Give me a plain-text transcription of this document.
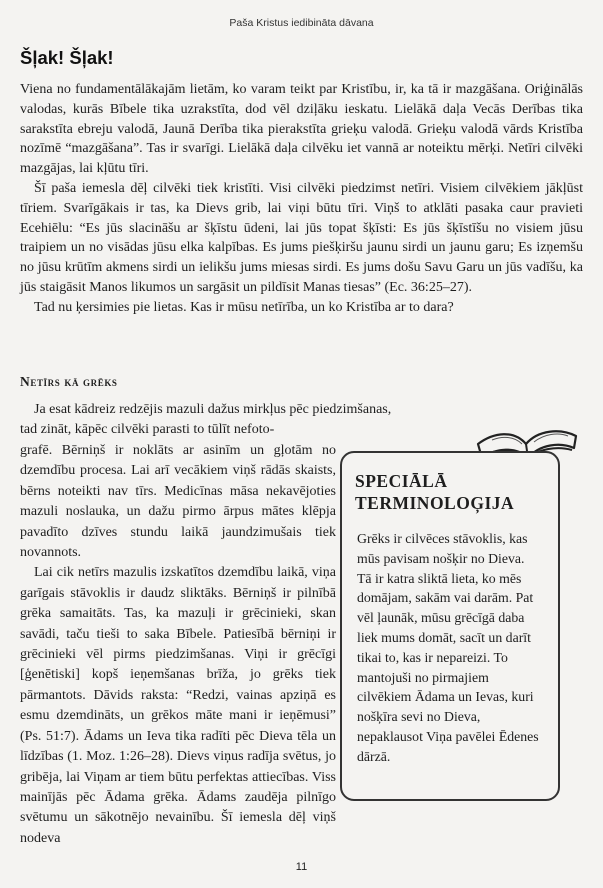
Paša Kristus iedibināta dāvana
Šļak! Šļak!

Viena no fundamentālākajām lietām, ko varam teikt par Kristību, ir, ka tā ir mazgāšana. Oriģinālās valodas, kurās Bībele tika uzrakstīta, dod vēl dziļāku ieskatu. Lielākā daļa Vecās Derības tika sarakstīta ebreju valodā, Jaunā Derība tika pierakstīta grieķu valodā. Grieķu valodā vārds Kristība nozīmē “mazgāšana”. Tas ir svarīgi. Lielākā daļa cilvēku iet vannā ar noteiktu mērķi. Netīri cilvēki mazgājas, lai kļūtu tīri.

Šī paša iemesla dēļ cilvēki tiek kristīti. Visi cilvēki piedzimst netīri. Visiem cilvēkiem jākļūst tīriem. Svarīgākais ir tas, ka Dievs grib, lai viņi būtu tīri. Viņš to atklāti pasaka caur pravieti Ecehiēlu: “Es jūs slacināšu ar šķīstu ūdeni, lai jūs topat šķīsti: Es jūs šķīstīšu no visiem jūsu traipiem un no visādas jūsu elka kalpības. Es jums piešķiršu jaunu sirdi un jaunu garu; Es izņemšu no jūsu krūtīm akmens sirdi un ielikšu jums miesas sirdi. Es jums došu Savu Garu un jūs vadīšu, ka jūs staigāsit Manos likumos un sargāsit un pildīsit Manas tiesas” (Ec. 36:25–27).

Tad nu ķersimies pie lietas. Kas ir mūsu netīrība, un ko Kristība ar to dara?

Netīrs kā grēks
Ja esat kādreiz redzējis mazuli dažus mirkļus pēc piedzimšanas,
tad zināt, kāpēc cilvēki parasti to tūlīt nefoto-

grafē. Bērniņš ir noklāts ar asinīm un gļotām no dzemdību procesa. Lai arī vecākiem viņš rādās skaists, bērns noteikti nav tīrs. Medicīnas māsa nekavējoties mazuli noslauka, un dažu pirmo ārpus mātes klēpja pavadīto dzīves stundu laikā jaundzimušais tiek novannots.

Lai cik netīrs mazulis izskatītos dzemdību laikā, viņa garīgais stāvoklis ir daudz sliktāks. Bērniņš ir pilnībā grēka samaitāts. Tas, ka mazuļi ir grēcinieki, skan savādi, taču tieši to saka Bībele. Patiesībā bērniņi ir grēcinieki vēl pirms piedzimšanas. Viņi ir grēcīgi [ģenētiski] kopš ieņemšanas brīža, jo grēks tiek pārmantots. Dāvids raksta: “Redzi, vainas apziņā es esmu dzemdināts, un grēkos māte mani ir ieņēmusi” (Ps. 51:7). Ādams un Ieva tika radīti pēc Dieva tēla un līdzības (1. Moz. 1:26–28). Dievs viņus radīja svētus, jo gribēja, lai Viņam ar tiem būtu perfektas attiecības. Viss mainījās pēc Ādama grēka. Ādams zaudēja pilnīgo svētumu un sākotnējo nevainību. Šī iemesla dēļ viņš nodeva

SPECIĀLĀ TERMINOLOĢIJA
Grēks ir cilvēces stāvoklis, kas mūs pavisam nošķir no Dieva. Tā ir katra sliktā lieta, ko mēs domājam, sakām vai darām. Pat vēl ļaunāk, mūsu grēcīgā daba liek mums domāt, sacīt un darīt tikai to, kas ir nepareizi. To mantojuši no pirmajiem cilvēkiem Ādama un Ievas, kuri nošķīra sevi no Dieva, nepaklausot Viņa pavēlei Ēdenes dārzā.
11
